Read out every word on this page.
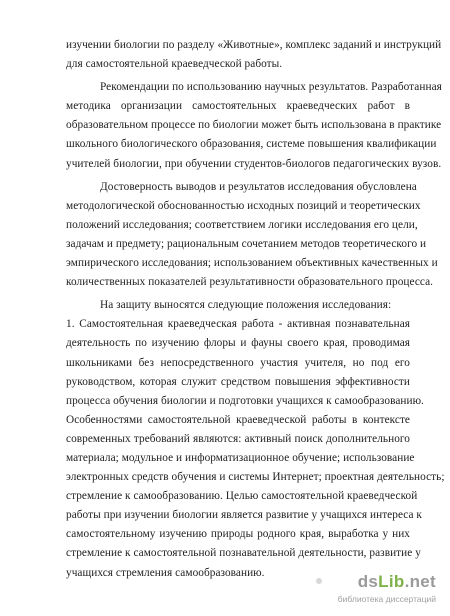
изучении биологии по разделу «Животные», комплекс заданий и инструкций
для самостоятельной краеведческой работы.
Рекомендации по использованию научных результатов. Разработанная
методика организации самостоятельных краеведческих работ в
образовательном процессе по биологии может быть использована в практике
школьного биологического образования, системе повышения квалификации
учителей биологии, при обучении студентов-биологов педагогических вузов.
Достоверность выводов и результатов исследования обусловлена
методологической обоснованностью исходных позиций и теоретических
положений исследования; соответствием логики исследования его цели,
задачам и предмету; рациональным сочетанием методов теоретического и
эмпирического исследования; использованием объективных качественных и
количественных показателей результативности образовательного процесса.
На защиту выносятся следующие положения исследования:
1. Самостоятельная краеведческая работа - активная познавательная
деятельность по изучению флоры и фауны своего края, проводимая
школьниками без непосредственного участия учителя, но под его
руководством, которая служит средством повышения эффективности
процесса обучения биологии и подготовки учащихся к самообразованию.
Особенностями самостоятельной краеведческой работы в контексте
современных требований являются: активный поиск дополнительного
материала; модульное и информатизационное обучение; использование
электронных средств обучения и системы Интернет; проектная деятельность;
стремление к самообразованию. Целью самостоятельной краеведческой
работы при изучении биологии является развитие у учащихся интереса к
самостоятельному изучению природы родного края, выработка у них
стремление к самостоятельной познавательной деятельности, развитие у
учащихся стремления самообразованию.	dsLib.net
библиотека диссертаций
